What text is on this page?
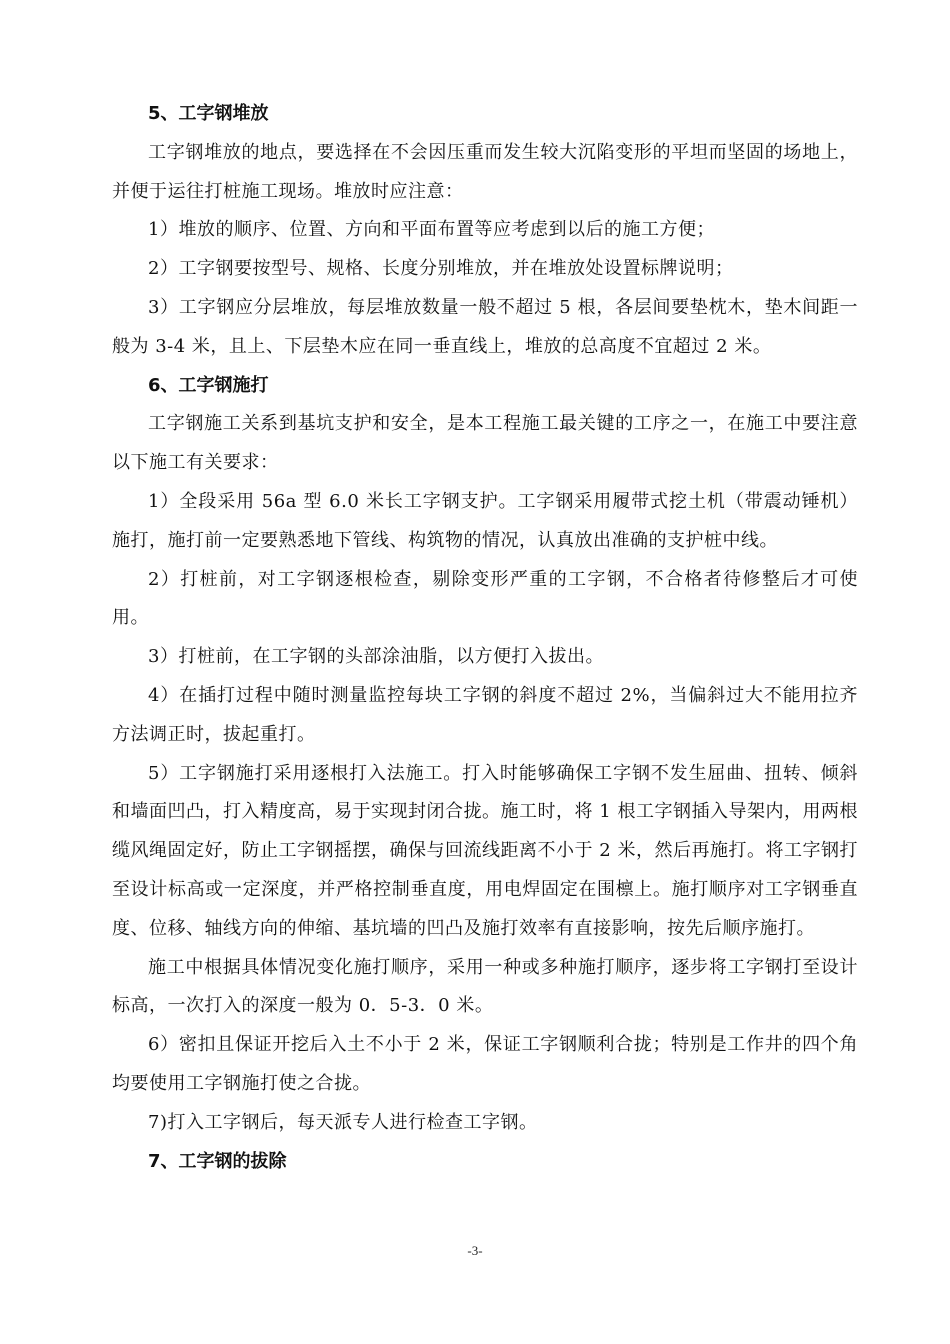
5、工字钢堆放

工字钢堆放的地点，要选择在不会因压重而发生较大沉陷变形的平坦而坚固的场地上，并便于运往打桩施工现场。堆放时应注意：

1）堆放的顺序、位置、方向和平面布置等应考虑到以后的施工方便；

2）工字钢要按型号、规格、长度分别堆放，并在堆放处设置标牌说明；

3）工字钢应分层堆放，每层堆放数量一般不超过 5 根，各层间要垫枕木，垫木间距一般为 3-4 米，且上、下层垫木应在同一垂直线上，堆放的总高度不宜超过 2 米。

6、工字钢施打

工字钢施工关系到基坑支护和安全，是本工程施工最关键的工序之一，在施工中要注意以下施工有关要求：

1）全段采用 56a 型 6.0 米长工字钢支护。工字钢采用履带式挖土机（带震动锤机）施打，施打前一定要熟悉地下管线、构筑物的情况，认真放出准确的支护桩中线。

2）打桩前，对工字钢逐根检查，剔除变形严重的工字钢，不合格者待修整后才可使用。

3）打桩前，在工字钢的头部涂油脂，以方便打入拔出。

4）在插打过程中随时测量监控每块工字钢的斜度不超过 2%，当偏斜过大不能用拉齐方法调正时，拔起重打。

5）工字钢施打采用逐根打入法施工。打入时能够确保工字钢不发生屈曲、扭转、倾斜和墙面凹凸，打入精度高，易于实现封闭合拢。施工时，将 1 根工字钢插入导架内，用两根缆风绳固定好，防止工字钢摇摆，确保与回流线距离不小于 2 米，然后再施打。将工字钢打至设计标高或一定深度，并严格控制垂直度，用电焊固定在围檩上。施打顺序对工字钢垂直度、位移、轴线方向的伸缩、基坑墙的凹凸及施打效率有直接影响，按先后顺序施打。

施工中根据具体情况变化施打顺序，采用一种或多种施打顺序，逐步将工字钢打至设计标高，一次打入的深度一般为 0．5-3．0 米。

6）密扣且保证开挖后入土不小于 2 米，保证工字钢顺利合拢；特别是工作井的四个角均要使用工字钢施打使之合拢。

7)打入工字钢后，每天派专人进行检查工字钢。

7、工字钢的拔除
-3-
